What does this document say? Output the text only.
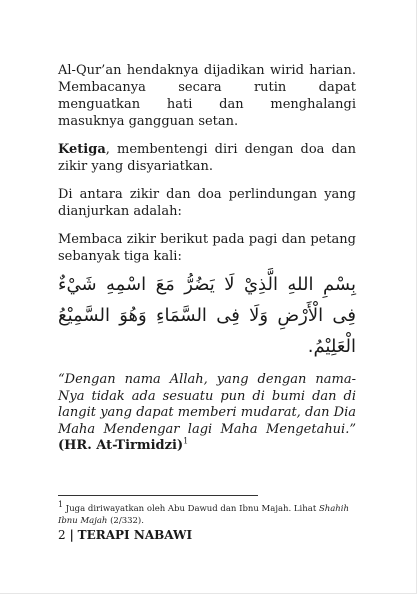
Al-Qur’an hendaknya dijadikan wirid harian. Membacanya secara rutin dapat menguatkan hati dan menghalangi masuknya gangguan setan.

Ketiga, membentengi diri dengan doa dan zikir yang disyariatkan.

Di antara zikir dan doa perlindungan yang dianjurkan adalah:

Membaca zikir berikut pada pagi dan petang sebanyak tiga kali:

بِسْمِ اللهِ الَّذِيْ لَا يَضُرُّ مَعَ اسْمِهِ شَيْءٌ فِى الْأَرْضِ وَلَا فِى السَّمَاءِ وَهُوَ السَّمِيْعُ الْعَلِيْمُ.

“Dengan nama Allah, yang dengan nama-Nya tidak ada sesuatu pun di bumi dan di langit yang dapat memberi mudarat, dan Dia Maha Mendengar lagi Maha Mengetahui.” (HR. At-Tirmidzi)$^1$

$^1$ Juga diriwayatkan oleh Abu Dawud dan Ibnu Majah. Lihat Shahih Ibnu Majah (2/332).
2 | TERAPI NABAWI
